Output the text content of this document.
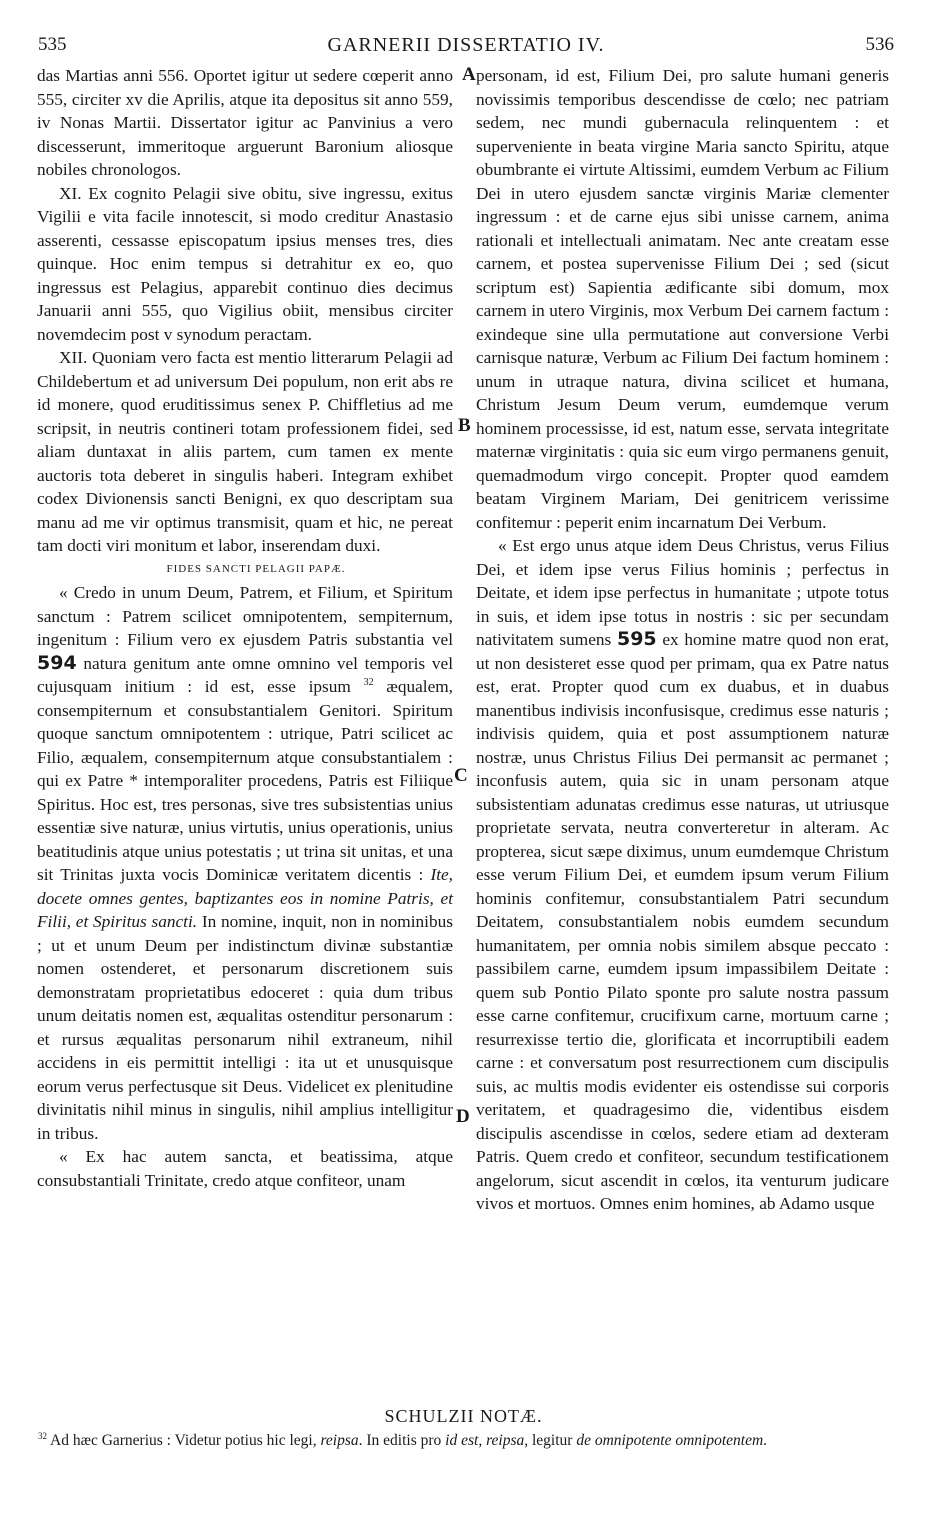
535	GARNERII DISSERTATIO IV.	536
A
B
C
D

das Martias anni 556. Oportet igitur ut sedere cœperit anno 555, circiter xv die Aprilis, atque ita depositus sit anno 559, iv Nonas Martii. Dissertator igitur ac Panvinius a vero discesserunt, immeritoque arguerunt Baronium aliosque nobiles chronologos.

XI. Ex cognito Pelagii sive obitu, sive ingressu, exitus Vigilii e vita facile innotescit, si modo creditur Anastasio asserenti, cessasse episcopatum ipsius menses tres, dies quinque. Hoc enim tempus si detrahitur ex eo, quo ingressus est Pelagius, apparebit continuo dies decimus Januarii anni 555, quo Vigilius obiit, mensibus circiter novemdecim post v synodum peractam.

XII. Quoniam vero facta est mentio litterarum Pelagii ad Childebertum et ad universum Dei populum, non erit abs re id monere, quod eruditissimus senex P. Chiffletius ad me scripsit, in neutris contineri totam professionem fidei, sed aliam duntaxat in aliis partem, cum tamen ex mente auctoris tota deberet in singulis haberi. Integram exhibet codex Divionensis sancti Benigni, ex quo descriptam sua manu ad me vir optimus transmisit, quam et hic, ne pereat tam docti viri monitum et labor, inserendam duxi.

FIDES SANCTI PELAGII PAPÆ.

« Credo in unum Deum, Patrem, et Filium, et Spiritum sanctum : Patrem scilicet omnipotentem, sempiternum, ingenitum : Filium vero ex ejusdem Patris substantia vel 594 natura genitum ante omne omnino vel temporis vel cujusquam initium : id est, esse ipsum $^{32}$ æqualem, consempiternum et consubstantialem Genitori. Spiritum quoque sanctum omnipotentem : utrique, Patri scilicet ac Filio, æqualem, consempiternum atque consubstantialem : qui ex Patre * intemporaliter procedens, Patris est Filiique Spiritus. Hoc est, tres personas, sive tres subsistentias unius essentiæ sive naturæ, unius virtutis, unius operationis, unius beatitudinis atque unius potestatis ; ut trina sit unitas, et una sit Trinitas juxta vocis Dominicæ veritatem dicentis : Ite, docete omnes gentes, baptizantes eos in nomine Patris, et Filii, et Spiritus sancti. In nomine, inquit, non in nominibus ; ut et unum Deum per indistinctum divinæ substantiæ nomen ostenderet, et personarum discretionem suis demonstratam proprietatibus edoceret : quia dum tribus unum deitatis nomen est, æqualitas ostenditur personarum : et rursus æqualitas personarum nihil extraneum, nihil accidens in eis permittit intelligi : ita ut et unusquisque eorum verus perfectusque sit Deus. Videlicet ex plenitudine divinitatis nihil minus in singulis, nihil amplius intelligitur in tribus.

« Ex hac autem sancta, et beatissima, atque consubstantiali Trinitate, credo atque confiteor, unam

personam, id est, Filium Dei, pro salute humani generis novissimis temporibus descendisse de cœlo; nec patriam sedem, nec mundi gubernacula relinquentem : et superveniente in beata virgine Maria sancto Spiritu, atque obumbrante ei virtute Altissimi, eumdem Verbum ac Filium Dei in utero ejusdem sanctæ virginis Mariæ clementer ingressum : et de carne ejus sibi unisse carnem, anima rationali et intellectuali animatam. Nec ante creatam esse carnem, et postea supervenisse Filium Dei ; sed (sicut scriptum est) Sapientia ædificante sibi domum, mox carnem in utero Virginis, mox Verbum Dei carnem factum : exindeque sine ulla permutatione aut conversione Verbi carnisque naturæ, Verbum ac Filium Dei factum hominem : unum in utraque natura, divina scilicet et humana, Christum Jesum Deum verum, eumdemque verum hominem processisse, id est, natum esse, servata integritate maternæ virginitatis : quia sic eum virgo permanens genuit, quemadmodum virgo concepit. Propter quod eamdem beatam Virginem Mariam, Dei genitricem verissime confitemur : peperit enim incarnatum Dei Verbum.

« Est ergo unus atque idem Deus Christus, verus Filius Dei, et idem ipse verus Filius hominis ; perfectus in Deitate, et idem ipse perfectus in humanitate ; utpote totus in suis, et idem ipse totus in nostris : sic per secundam nativitatem sumens 595 ex homine matre quod non erat, ut non desisteret esse quod per primam, qua ex Patre natus est, erat. Propter quod cum ex duabus, et in duabus manentibus indivisis inconfusisque, credimus esse naturis ; indivisis quidem, quia et post assumptionem naturæ nostræ, unus Christus Filius Dei permansit ac permanet ; inconfusis autem, quia sic in unam personam atque subsistentiam adunatas credimus esse naturas, ut utriusque proprietate servata, neutra converteretur in alteram. Ac propterea, sicut sæpe diximus, unum eumdemque Christum esse verum Filium Dei, et eumdem ipsum verum Filium hominis confitemur, consubstantialem Patri secundum Deitatem, consubstantialem nobis eumdem secundum humanitatem, per omnia nobis similem absque peccato : passibilem carne, eumdem ipsum impassibilem Deitate : quem sub Pontio Pilato sponte pro salute nostra passum esse carne confitemur, crucifixum carne, mortuum carne ; resurrexisse tertio die, glorificata et incorruptibili eadem carne : et conversatum post resurrectionem cum discipulis suis, ac multis modis evidenter eis ostendisse sui corporis veritatem, et quadragesimo die, videntibus eisdem discipulis ascendisse in cœlos, sedere etiam ad dexteram Patris. Quem credo et confiteor, secundum testificationem angelorum, sicut ascendit in cœlos, ita venturum judicare vivos et mortuos. Omnes enim homines, ab Adamo usque

SCHULZII NOTÆ.
$^{32}$ Ad hæc Garnerius : Videtur potius hic legi, reipsa. In editis pro id est, reipsa, legitur de omnipotente omnipotentem.
